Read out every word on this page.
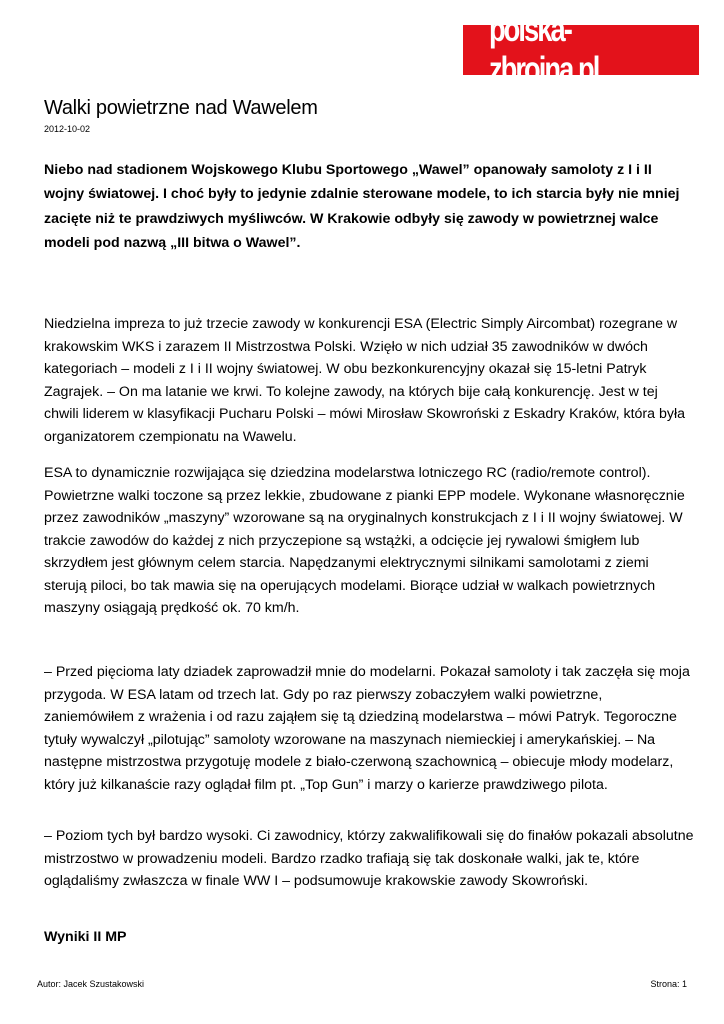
polska-zbrojna.pl
Walki powietrzne nad Wawelem
2012-10-02

Niebo nad stadionem Wojskowego Klubu Sportowego „Wawel” opanowały samoloty z I i II wojny światowej. I choć były to jedynie zdalnie sterowane modele, to ich starcia były nie mniej zacięte niż te prawdziwych myśliwców. W Krakowie odbyły się zawody w powietrznej walce modeli pod nazwą „III bitwa o Wawel”.

Niedzielna impreza to już trzecie zawody w konkurencji ESA (Electric Simply Aircombat) rozegrane w krakowskim WKS i zarazem II Mistrzostwa Polski. Wzięło w nich udział 35 zawodników w dwóch kategoriach – modeli z I i II wojny światowej. W obu bezkonkurencyjny okazał się 15-letni Patryk Zagrajek. – On ma latanie we krwi. To kolejne zawody, na których bije całą konkurencję. Jest w tej chwili liderem w klasyfikacji Pucharu Polski – mówi Mirosław Skowroński z Eskadry Kraków, która była organizatorem czempionatu na Wawelu.

ESA to dynamicznie rozwijająca się dziedzina modelarstwa lotniczego RC (radio/remote control). Powietrzne walki toczone są przez lekkie, zbudowane z pianki EPP modele. Wykonane własnoręcznie przez zawodników „maszyny” wzorowane są na oryginalnych konstrukcjach z I i II wojny światowej. W trakcie zawodów do każdej z nich przyczepione są wstążki, a odcięcie jej rywalowi śmigłem lub skrzydłem jest głównym celem starcia. Napędzanymi elektrycznymi silnikami samolotami z ziemi sterują piloci, bo tak mawia się na operujących modelami. Biorące udział w walkach powietrznych maszyny osiągają prędkość ok. 70 km/h.

– Przed pięcioma laty dziadek zaprowadził mnie do modelarni. Pokazał samoloty i tak zaczęła się moja przygoda. W ESA latam od trzech lat. Gdy po raz pierwszy zobaczyłem walki powietrzne, zaniemówiłem z wrażenia i od razu zająłem się tą dziedziną modelarstwa – mówi Patryk. Tegoroczne tytuły wywalczył „pilotując” samoloty wzorowane na maszynach niemieckiej i amerykańskiej. – Na następne mistrzostwa przygotuję modele z biało-czerwoną szachownicą – obiecuje młody modelarz, który już kilkanaście razy oglądał film pt. „Top Gun” i marzy o karierze prawdziwego pilota.

– Poziom tych był bardzo wysoki. Ci zawodnicy, którzy zakwalifikowali się do finałów pokazali absolutne mistrzostwo w prowadzeniu modeli. Bardzo rzadko trafiają się tak doskonałe walki, jak te, które oglądaliśmy zwłaszcza w finale WW I – podsumowuje krakowskie zawody Skowroński.

Wyniki II MP
Autor: Jacek Szustakowski	Strona: 1
